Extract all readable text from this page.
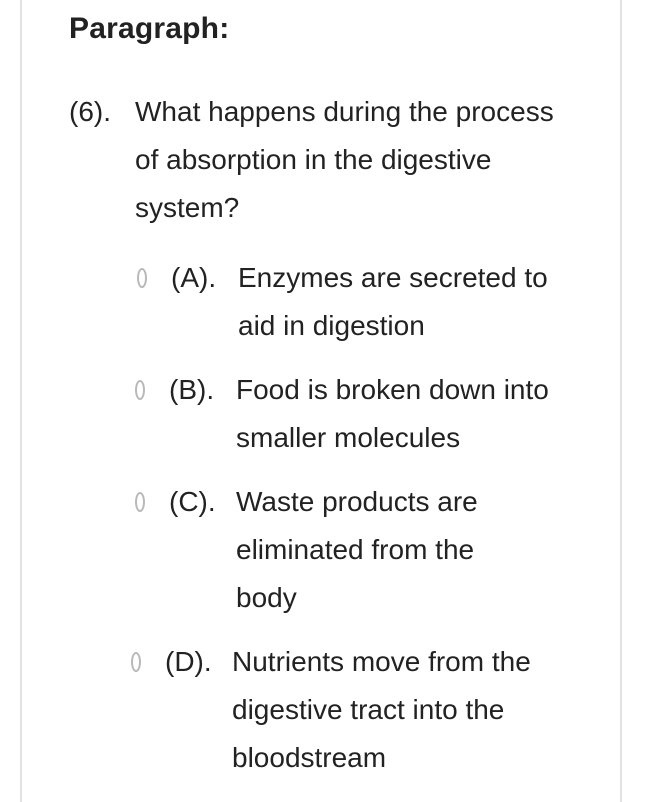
Paragraph:
(6). What happens during the process of absorption in the digestive system?
(A). Enzymes are secreted to aid in digestion
(B). Food is broken down into smaller molecules
(C). Waste products are eliminated from the body
(D). Nutrients move from the digestive tract into the bloodstream
